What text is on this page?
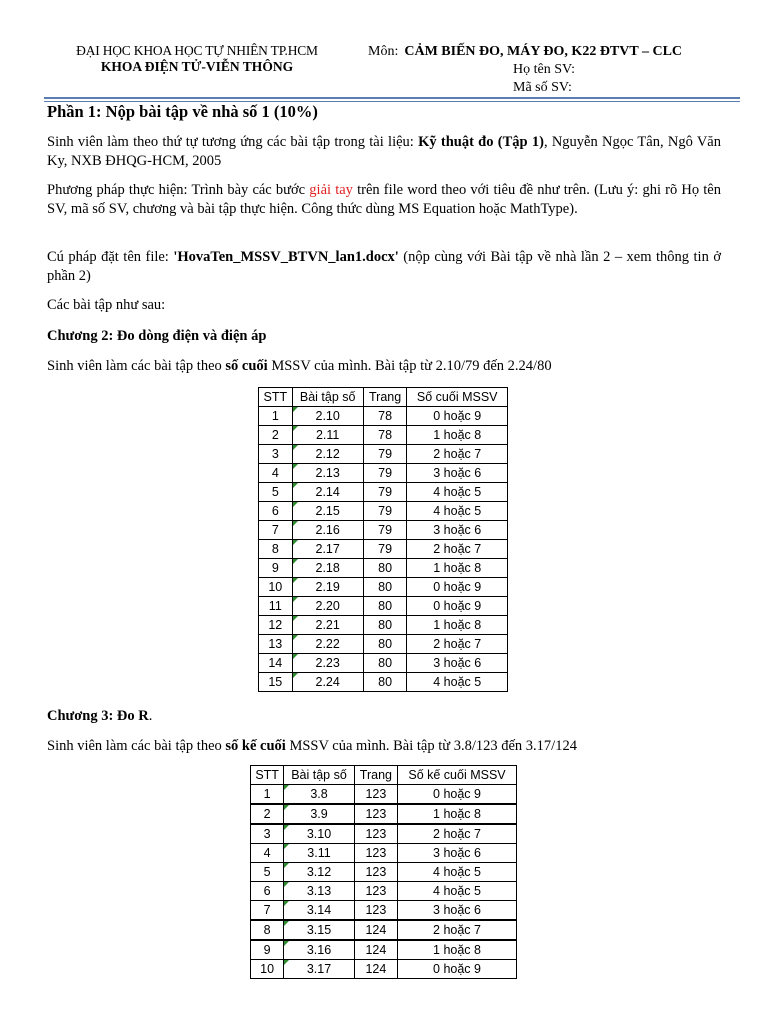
ĐẠI HỌC KHOA HỌC TỰ NHIÊN TP.HCM
KHOA ĐIỆN TỬ-VIỄN THÔNG
Môn: CẢM BIẾN ĐO, MÁY ĐO, K22 ĐTVT – CLC
Họ tên SV:
Mã số SV:
Phần 1: Nộp bài tập về nhà số 1 (10%)
Sinh viên làm theo thứ tự tương ứng các bài tập trong tài liệu: Kỹ thuật đo (Tập 1), Nguyễn Ngọc Tân, Ngô Văn Ky, NXB ĐHQG-HCM, 2005
Phương pháp thực hiện: Trình bày các bước giải tay trên file word theo với tiêu đề như trên. (Lưu ý: ghi rõ Họ tên SV, mã số SV, chương và bài tập thực hiện. Công thức dùng MS Equation hoặc MathType).
Cú pháp đặt tên file: 'HovaTen_MSSV_BTVN_lan1.docx' (nộp cùng với Bài tập về nhà lần 2 – xem thông tin ở phần 2)
Các bài tập như sau:
Chương 2: Đo dòng điện và điện áp
Sinh viên làm các bài tập theo số cuối MSSV của mình. Bài tập từ 2.10/79 đến 2.24/80
STT	Bài tập số	Trang	Số cuối MSSV
1	2.10	78	0 hoặc 9
2	2.11	78	1 hoặc 8
3	2.12	79	2 hoặc 7
4	2.13	79	3 hoặc 6
5	2.14	79	4 hoặc 5
6	2.15	79	4 hoặc 5
7	2.16	79	3 hoặc 6
8	2.17	79	2 hoặc 7
9	2.18	80	1 hoặc 8
10	2.19	80	0 hoặc 9
11	2.20	80	0 hoặc 9
12	2.21	80	1 hoặc 8
13	2.22	80	2 hoặc 7
14	2.23	80	3 hoặc 6
15	2.24	80	4 hoặc 5
Chương 3: Đo R.
Sinh viên làm các bài tập theo số kế cuối MSSV của mình. Bài tập từ 3.8/123 đến 3.17/124
STT	Bài tập số	Trang	Số kế cuối MSSV
1	3.8	123	0 hoặc 9
2	3.9	123	1 hoặc 8
3	3.10	123	2 hoặc 7
4	3.11	123	3 hoặc 6
5	3.12	123	4 hoặc 5
6	3.13	123	4 hoặc 5
7	3.14	123	3 hoặc 6
8	3.15	124	2 hoặc 7
9	3.16	124	1 hoặc 8
10	3.17	124	0 hoặc 9
